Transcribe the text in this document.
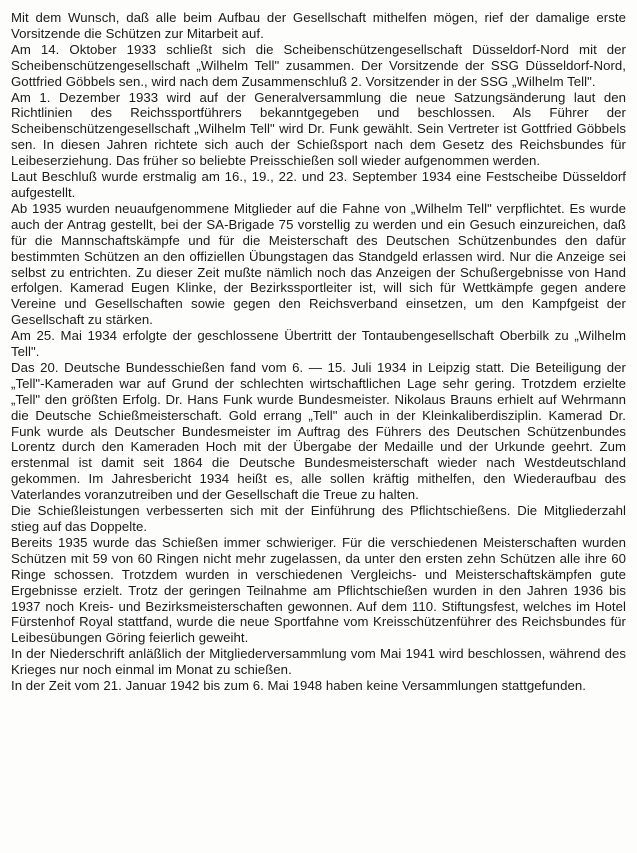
Mit dem Wunsch, daß alle beim Aufbau der Gesellschaft mithelfen mögen, rief der damalige erste Vorsitzende die Schützen zur Mitarbeit auf.

Am 14. Oktober 1933 schließt sich die Scheibenschützengesellschaft Düsseldorf-Nord mit der Scheibenschützengesellschaft „Wilhelm Tell" zusammen. Der Vorsitzende der SSG Düsseldorf-Nord, Gottfried Göbbels sen., wird nach dem Zusammenschluß 2. Vorsitzender in der SSG „Wilhelm Tell".

Am 1. Dezember 1933 wird auf der Generalversammlung die neue Satzungsänderung laut den Richtlinien des Reichssportführers bekanntgegeben und beschlossen. Als Führer der Scheibenschützengesellschaft „Wilhelm Tell" wird Dr. Funk gewählt. Sein Vertreter ist Gottfried Göbbels sen. In diesen Jahren richtete sich auch der Schießsport nach dem Gesetz des Reichsbundes für Leibeserziehung. Das früher so beliebte Preisschießen soll wieder aufgenommen werden.

Laut Beschluß wurde erstmalig am 16., 19., 22. und 23. September 1934 eine Festscheibe Düsseldorf aufgestellt.

Ab 1935 wurden neuaufgenommene Mitglieder auf die Fahne von „Wilhelm Tell" verpflichtet. Es wurde auch der Antrag gestellt, bei der SA-Brigade 75 vorstellig zu werden und ein Gesuch einzureichen, daß für die Mannschaftskämpfe und für die Meisterschaft des Deutschen Schützenbundes den dafür bestimmten Schützen an den offiziellen Übungstagen das Standgeld erlassen wird. Nur die Anzeige sei selbst zu entrichten. Zu dieser Zeit mußte nämlich noch das Anzeigen der Schußergebnisse von Hand erfolgen. Kamerad Eugen Klinke, der Bezirkssportleiter ist, will sich für Wettkämpfe gegen andere Vereine und Gesellschaften sowie gegen den Reichsverband einsetzen, um den Kampfgeist der Gesellschaft zu stärken.

Am 25. Mai 1934 erfolgte der geschlossene Übertritt der Tontaubengesellschaft Oberbilk zu „Wilhelm Tell".

Das 20. Deutsche Bundesschießen fand vom 6. — 15. Juli 1934 in Leipzig statt. Die Beteiligung der „Tell"-Kameraden war auf Grund der schlechten wirtschaftlichen Lage sehr gering. Trotzdem erzielte „Tell" den größten Erfolg. Dr. Hans Funk wurde Bundesmeister. Nikolaus Brauns erhielt auf Wehrmann die Deutsche Schießmeisterschaft. Gold errang „Tell" auch in der Kleinkaliberdisziplin. Kamerad Dr. Funk wurde als Deutscher Bundesmeister im Auftrag des Führers des Deutschen Schützenbundes Lorentz durch den Kameraden Hoch mit der Übergabe der Medaille und der Urkunde geehrt. Zum erstenmal ist damit seit 1864 die Deutsche Bundesmeisterschaft wieder nach Westdeutschland gekommen. Im Jahresbericht 1934 heißt es, alle sollen kräftig mithelfen, den Wiederaufbau des Vaterlandes voranzutreiben und der Gesellschaft die Treue zu halten.

Die Schießleistungen verbesserten sich mit der Einführung des Pflichtschießens. Die Mitgliederzahl stieg auf das Doppelte.

Bereits 1935 wurde das Schießen immer schwieriger. Für die verschiedenen Meisterschaften wurden Schützen mit 59 von 60 Ringen nicht mehr zugelassen, da unter den ersten zehn Schützen alle ihre 60 Ringe schossen. Trotzdem wurden in verschiedenen Vergleichs- und Meisterschaftskämpfen gute Ergebnisse erzielt. Trotz der geringen Teilnahme am Pflichtschießen wurden in den Jahren 1936 bis 1937 noch Kreis- und Bezirksmeisterschaften gewonnen. Auf dem 110. Stiftungsfest, welches im Hotel Fürstenhof Royal stattfand, wurde die neue Sportfahne vom Kreisschützenführer des Reichsbundes für Leibesübungen Göring feierlich geweiht.

In der Niederschrift anläßlich der Mitgliederversammlung vom Mai 1941 wird beschlossen, während des Krieges nur noch einmal im Monat zu schießen.

In der Zeit vom 21. Januar 1942 bis zum 6. Mai 1948 haben keine Versammlungen stattgefunden.
